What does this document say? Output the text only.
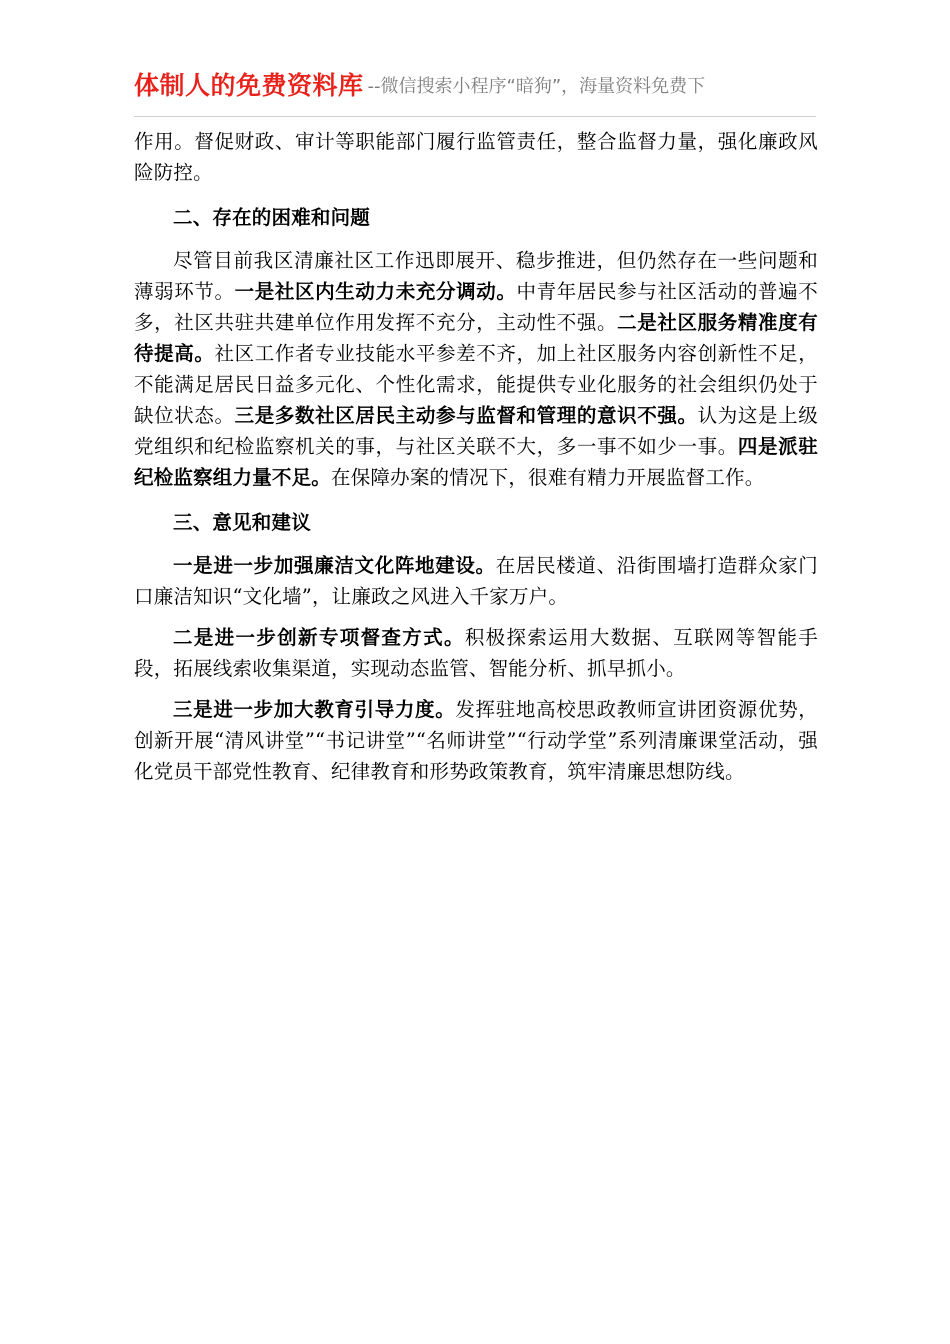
体制人的免费资料库 --微信搜索小程序“暗狗”，海量资料免费下

作用。督促财政、审计等职能部门履行监管责任，整合监督力量，强化廉政风险防控。

二、存在的困难和问题

尽管目前我区清廉社区工作迅即展开、稳步推进，但仍然存在一些问题和薄弱环节。一是社区内生动力未充分调动。中青年居民参与社区活动的普遍不多，社区共驻共建单位作用发挥不充分，主动性不强。二是社区服务精准度有待提高。社区工作者专业技能水平参差不齐，加上社区服务内容创新性不足，不能满足居民日益多元化、个性化需求，能提供专业化服务的社会组织仍处于缺位状态。三是多数社区居民主动参与监督和管理的意识不强。认为这是上级党组织和纪检监察机关的事，与社区关联不大，多一事不如少一事。四是派驻纪检监察组力量不足。在保障办案的情况下，很难有精力开展监督工作。

三、意见和建议

一是进一步加强廉洁文化阵地建设。在居民楼道、沿街围墙打造群众家门口廉洁知识“文化墙”，让廉政之风进入千家万户。

二是进一步创新专项督查方式。积极探索运用大数据、互联网等智能手段，拓展线索收集渠道，实现动态监管、智能分析、抓早抓小。

三是进一步加大教育引导力度。发挥驻地高校思政教师宣讲团资源优势，创新开展“清风讲堂”“书记讲堂”“名师讲堂”“行动学堂”系列清廉课堂活动，强化党员干部党性教育、纪律教育和形势政策教育，筑牢清廉思想防线。
